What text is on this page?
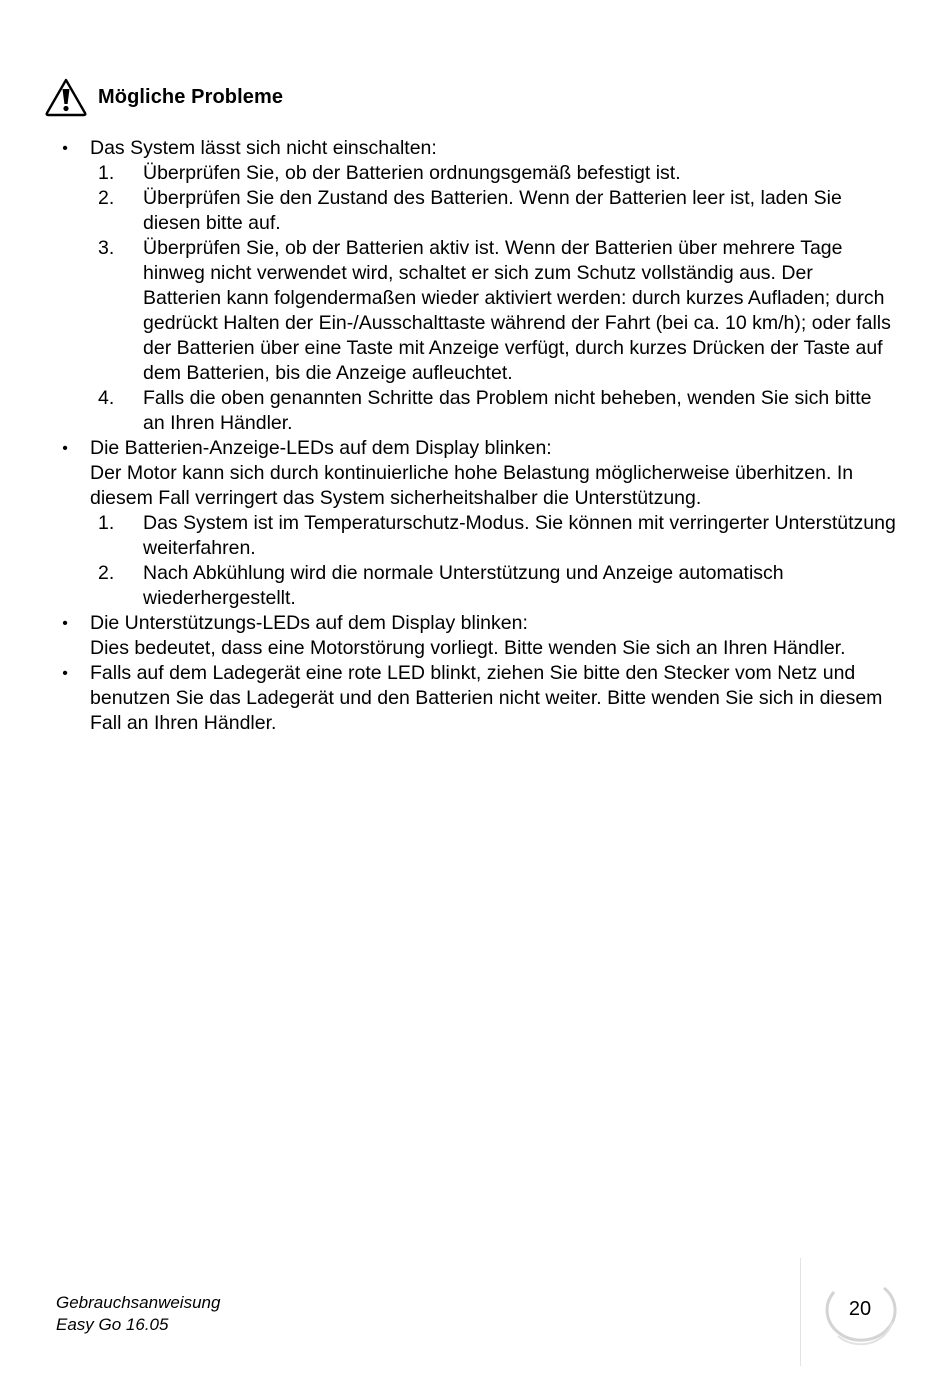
Mögliche Probleme
• Das System lässt sich nicht einschalten:

1.	Überprüfen Sie, ob der Batterien ordnungsgemäß befestigt ist.
2.	Überprüfen Sie den Zustand des Batterien. Wenn der Batterien leer ist, laden Sie diesen bitte auf.
3.	Überprüfen Sie, ob der Batterien aktiv ist. Wenn der Batterien über mehrere Tage hinweg nicht verwendet wird, schaltet er sich zum Schutz vollständig aus. Der Batterien kann folgendermaßen wieder aktiviert werden: durch kurzes Aufladen; durch gedrückt Halten der Ein-/Ausschalttaste während der Fahrt (bei ca. 10 km/h); oder falls der Batterien über eine Taste mit Anzeige verfügt, durch kurzes Drücken der Taste auf dem Batterien, bis die Anzeige aufleuchtet.
4.	Falls die oben genannten Schritte das Problem nicht beheben, wenden Sie sich bitte an Ihren Händler.
• Die Batterien-Anzeige-LEDs auf dem Display blinken:

Der Motor kann sich durch kontinuierliche hohe Belastung möglicherweise überhitzen. In diesem Fall verringert das System sicherheitshalber die Unterstützung.

1.	Das System ist im Temperaturschutz-Modus. Sie können mit verringerter Unterstützung weiterfahren.
2.	Nach Abkühlung wird die normale Unterstützung und Anzeige automatisch wiederhergestellt.
• Die Unterstützungs-LEDs auf dem Display blinken:

Dies bedeutet, dass eine Motorstörung vorliegt. Bitte wenden Sie sich an Ihren Händler.

• Falls auf dem Ladegerät eine rote LED blinkt, ziehen Sie bitte den Stecker vom Netz und benutzen Sie das Ladegerät und den Batterien nicht weiter. Bitte wenden Sie sich in diesem Fall an Ihren Händler.

Gebrauchsanweisung
Easy Go 16.05
20
